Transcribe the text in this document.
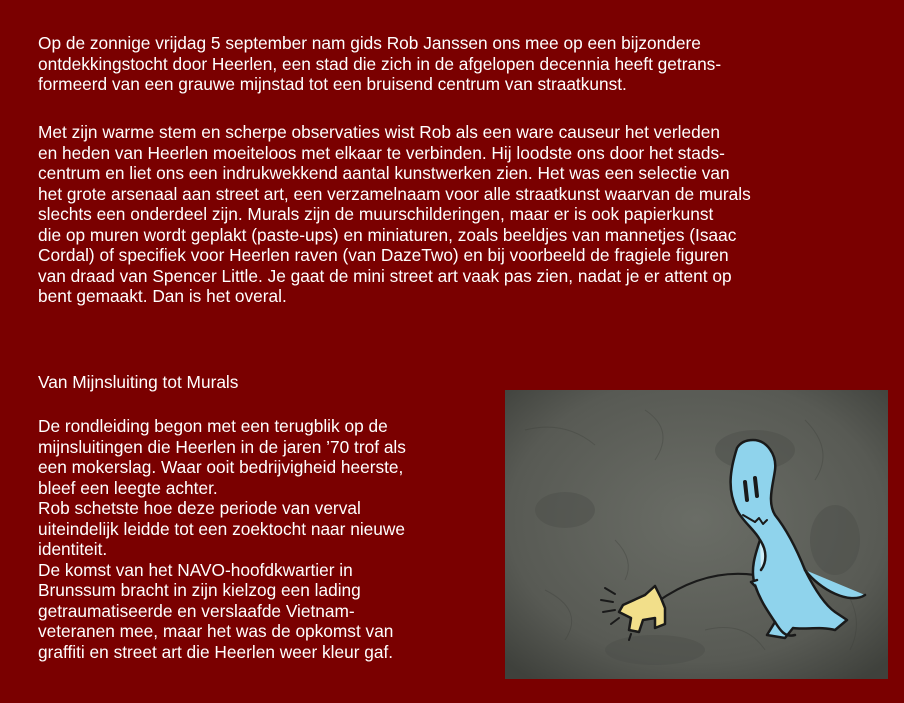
Op de zonnige vrijdag 5 september nam gids Rob Janssen ons mee op een bijzondere
ontdekkingstocht door Heerlen, een stad die zich in de afgelopen decennia heeft getrans-
formeerd van een grauwe mijnstad tot een bruisend centrum van straatkunst.
Met zijn warme stem en scherpe observaties wist Rob als een ware causeur het verleden
en heden van Heerlen moeiteloos met elkaar te verbinden. Hij loodste ons door het stads-
centrum en liet ons een indrukwekkend aantal kunstwerken zien. Het was een selectie van
het grote arsenaal aan street art, een verzamelnaam voor alle straatkunst waarvan de murals
slechts een onderdeel zijn. Murals zijn de muurschilderingen, maar er is ook papierkunst
die op muren wordt geplakt (paste-ups) en miniaturen, zoals beeldjes van mannetjes (Isaac
Cordal) of specifiek voor Heerlen raven (van DazeTwo) en bij voorbeeld de fragiele figuren
van draad van Spencer Little. Je gaat de mini street art vaak pas zien, nadat je er attent op
bent gemaakt. Dan is het overal.
Van Mijnsluiting tot Murals
De rondleiding begon met een terugblik op de
mijnsluitingen die Heerlen in de jaren ’70 trof als
een mokerslag. Waar ooit bedrijvigheid heerste,
bleef een leegte achter.
Rob schetste hoe deze periode van verval
uiteindelijk leidde tot een zoektocht naar nieuwe
identiteit.
De komst van het NAVO-hoofdkwartier in
Brunssum bracht in zijn kielzog een lading
getraumatiseerde en verslaafde Vietnam-
veteranen mee, maar het was de opkomst van
graffiti en street art die Heerlen weer kleur gaf.
